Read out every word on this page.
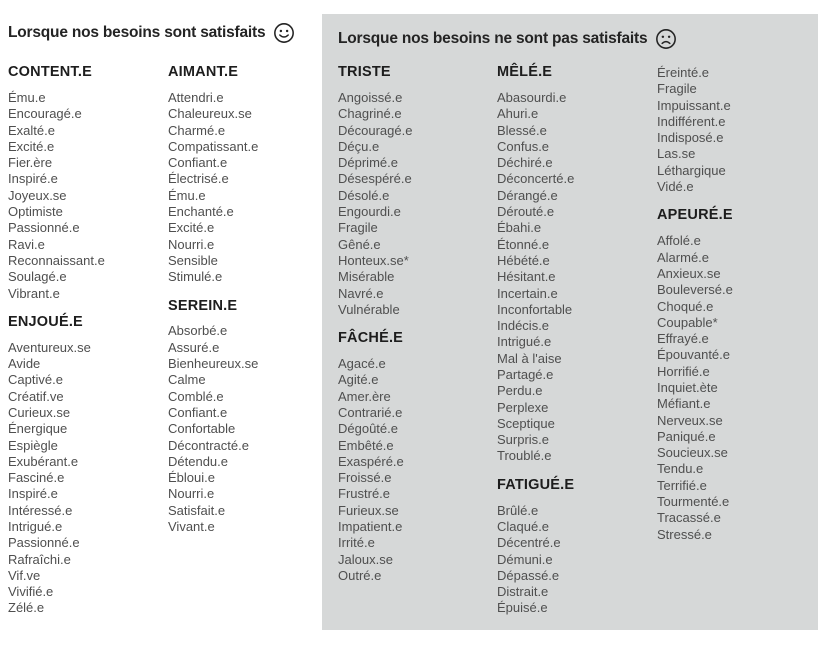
Lorsque nos besoins sont satisfaits
CONTENT.E
Ému.e
Encouragé.e
Exalté.e
Excité.e
Fier.ère
Inspiré.e
Joyeux.se
Optimiste
Passionné.e
Ravi.e
Reconnaissant.e
Soulagé.e
Vibrant.e
ENJOUÉ.E
Aventureux.se
Avide
Captivé.e
Créatif.ve
Curieux.se
Énergique
Espiègle
Exubérant.e
Fasciné.e
Inspiré.e
Intéressé.e
Intrigué.e
Passionné.e
Rafraîchi.e
Vif.ve
Vivifié.e
Zélé.e
AIMANT.E
Attendri.e
Chaleureux.se
Charmé.e
Compatissant.e
Confiant.e
Électrisé.e
Ému.e
Enchanté.e
Excité.e
Nourri.e
Sensible
Stimulé.e
SEREIN.E
Absorbé.e
Assuré.e
Bienheureux.se
Calme
Comblé.e
Confiant.e
Confortable
Décontracté.e
Détendu.e
Ébloui.e
Nourri.e
Satisfait.e
Vivant.e
Lorsque nos besoins ne sont pas satisfaits
TRISTE
Angoissé.e
Chagriné.e
Découragé.e
Déçu.e
Déprimé.e
Désespéré.e
Désolé.e
Engourdi.e
Fragile
Gêné.e
Honteux.se*
Misérable
Navré.e
Vulnérable
FÂCHÉ.E
Agacé.e
Agité.e
Amer.ère
Contrarié.e
Dégoûté.e
Embêté.e
Exaspéré.e
Froissé.e
Frustré.e
Furieux.se
Impatient.e
Irrité.e
Jaloux.se
Outré.e
MÊLÉ.E
Abasourdi.e
Ahuri.e
Blessé.e
Confus.e
Déchiré.e
Déconcerté.e
Dérangé.e
Dérouté.e
Ébahi.e
Étonné.e
Hébété.e
Hésitant.e
Incertain.e
Inconfortable
Indécis.e
Intrigué.e
Mal à l'aise
Partagé.e
Perdu.e
Perplexe
Sceptique
Surpris.e
Troublé.e
FATIGUÉ.E
Brûlé.e
Claqué.e
Décentré.e
Démuni.e
Dépassé.e
Distrait.e
Épuisé.e
Éreinté.e
Fragile
Impuissant.e
Indifférent.e
Indisposé.e
Las.se
Léthargique
Vidé.e
APEURÉ.E
Affolé.e
Alarmé.e
Anxieux.se
Bouleversé.e
Choqué.e
Coupable*
Effrayé.e
Épouvanté.e
Horrifié.e
Inquiet.ète
Méfiant.e
Nerveux.se
Paniqué.e
Soucieux.se
Tendu.e
Terrifié.e
Tourmenté.e
Tracassé.e
Stressé.e
